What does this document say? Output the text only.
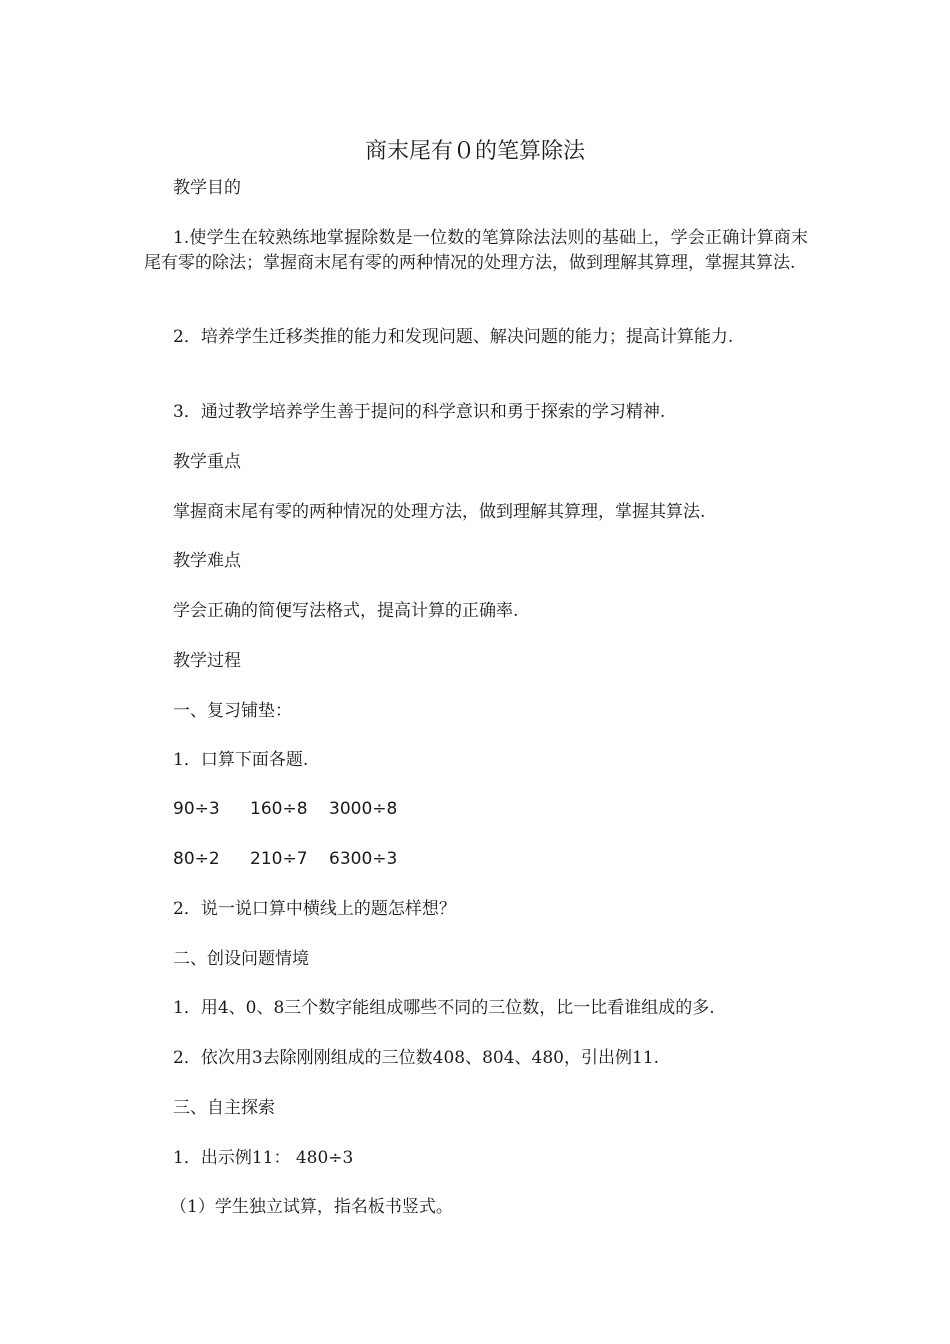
商末尾有０的笔算除法

教学目的

1.使学生在较熟练地掌握除数是一位数的笔算除法法则的基础上，学会正确计算商末尾有零的除法；掌握商末尾有零的两种情况的处理方法，做到理解其算理，掌握其算法.

2．培养学生迁移类推的能力和发现问题、解决问题的能力；提高计算能力.

3．通过教学培养学生善于提问的科学意识和勇于探索的学习精神.

教学重点

掌握商末尾有零的两种情况的处理方法，做到理解其算理，掌握其算法.

教学难点

学会正确的简便写法格式，提高计算的正确率.

教学过程

一、复习铺垫：

1．口算下面各题.

90÷3 160÷8 3000÷8
80÷2 210÷7 6300÷3

2．说一说口算中横线上的题怎样想？

二、创设问题情境

1．用4、0、8三个数字能组成哪些不同的三位数，比一比看谁组成的多.

2．依次用3去除刚刚组成的三位数408、804、480，引出例11.

三、自主探索

1．出示例11： 480÷3

（1）学生独立试算，指名板书竖式。
